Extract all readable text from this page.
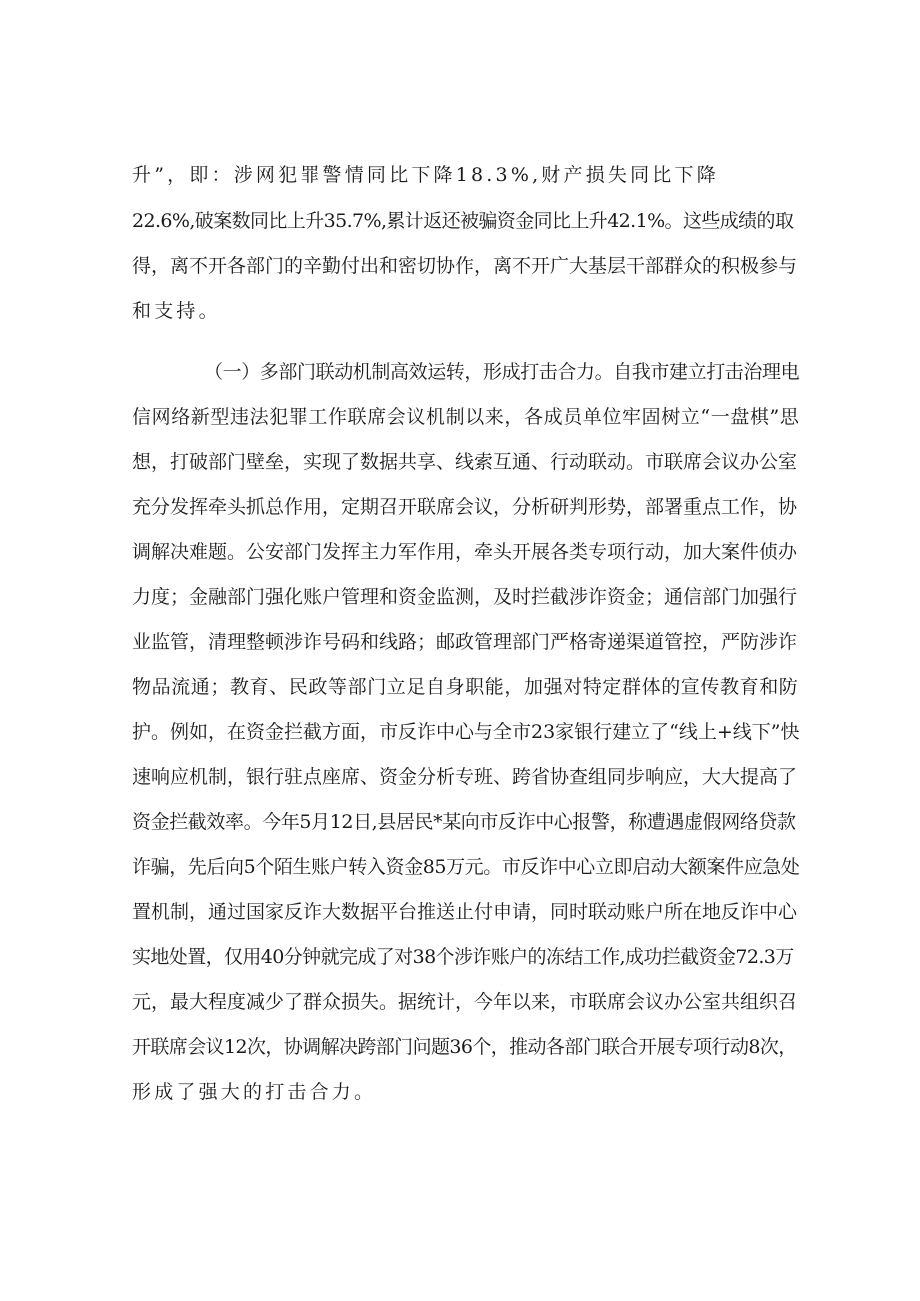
升”，即：涉网犯罪警情同比下降18.3%,财产损失同比下降

22.6%,破案数同比上升35.7%,累计返还被骗资金同比上升42.1%。这些成绩的取

得，离不开各部门的辛勤付出和密切协作，离不开广大基层干部群众的积极参与

和支持。

（一）多部门联动机制高效运转，形成打击合力。自我市建立打击治理电

信网络新型违法犯罪工作联席会议机制以来，各成员单位牢固树立“一盘棋”思

想，打破部门壁垒，实现了数据共享、线索互通、行动联动。市联席会议办公室

充分发挥牵头抓总作用，定期召开联席会议，分析研判形势，部署重点工作，协

调解决难题。公安部门发挥主力军作用，牵头开展各类专项行动，加大案件侦办

力度；金融部门强化账户管理和资金监测，及时拦截涉诈资金；通信部门加强行

业监管，清理整顿涉诈号码和线路；邮政管理部门严格寄递渠道管控，严防涉诈

物品流通；教育、民政等部门立足自身职能，加强对特定群体的宣传教育和防

护。例如，在资金拦截方面，市反诈中心与全市23家银行建立了“线上+线下”快

速响应机制，银行驻点座席、资金分析专班、跨省协查组同步响应，大大提高了

资金拦截效率。今年5月12日,县居民*某向市反诈中心报警，称遭遇虚假网络贷款

诈骗，先后向5个陌生账户转入资金85万元。市反诈中心立即启动大额案件应急处

置机制，通过国家反诈大数据平台推送止付申请，同时联动账户所在地反诈中心

实地处置，仅用40分钟就完成了对38个涉诈账户的冻结工作,成功拦截资金72.3万

元，最大程度减少了群众损失。据统计，今年以来，市联席会议办公室共组织召

开联席会议12次，协调解决跨部门问题36个，推动各部门联合开展专项行动8次，

形成了强大的打击合力。
